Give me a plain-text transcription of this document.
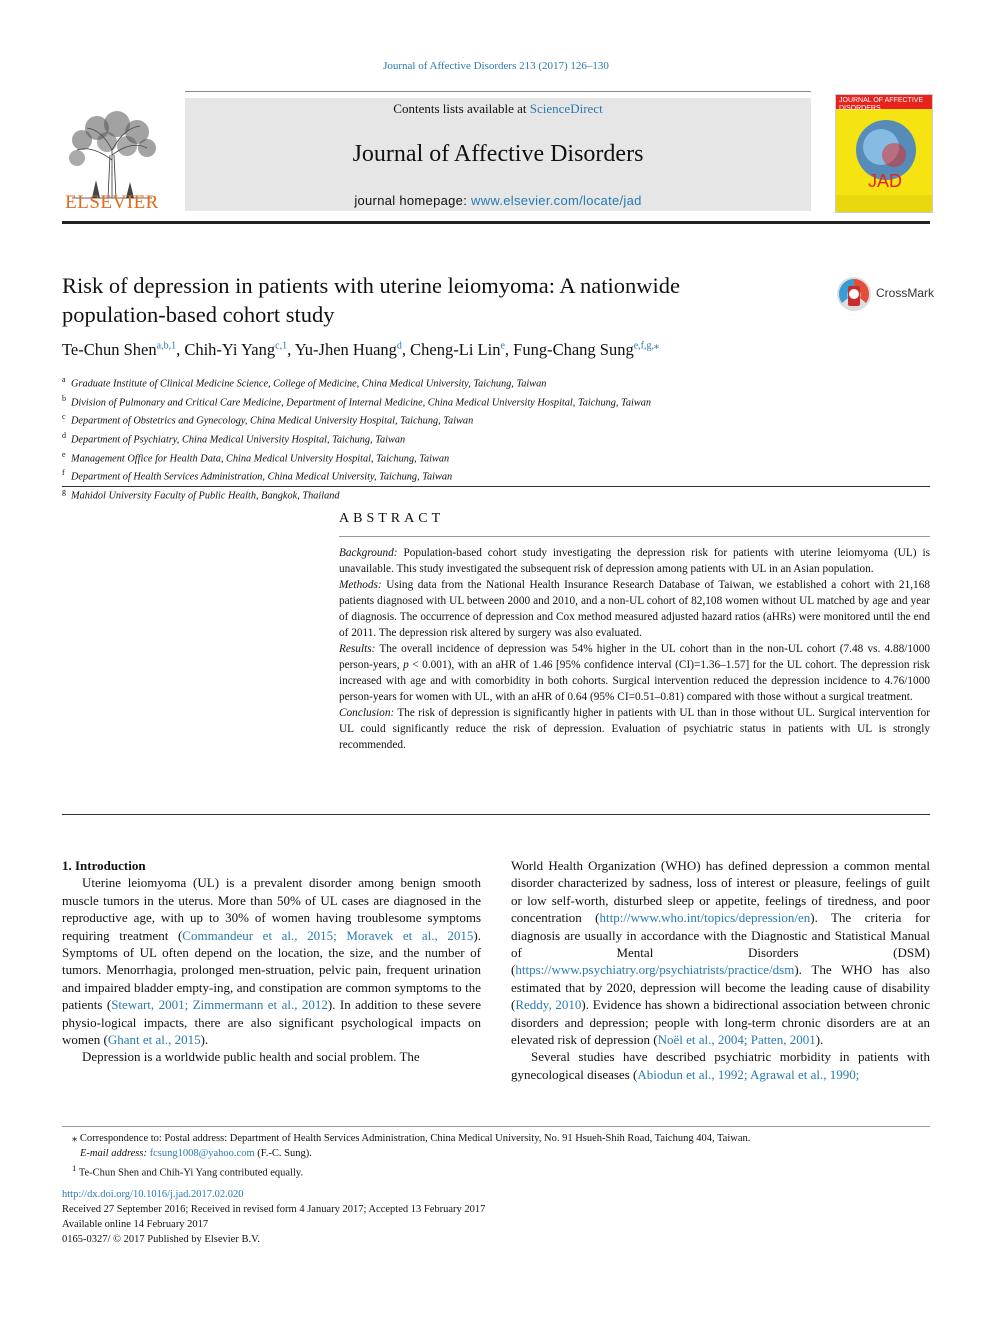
Journal of Affective Disorders 213 (2017) 126–130
ELSEVIER
Contents lists available at ScienceDirect
Journal of Affective Disorders
journal homepage: www.elsevier.com/locate/jad
JOURNAL OF AFFECTIVE DISORDERS
JAD
Risk of depression in patients with uterine leiomyoma: A nationwide
population-based cohort study
CrossMark
Te-Chun Shen$^{a,b,1}$, Chih-Yi Yang$^{c,1}$, Yu-Jhen Huang$^d$, Cheng-Li Lin$^e$, Fung-Chang Sung$^{e,f,g,⁎}$
$^a$ Graduate Institute of Clinical Medicine Science, College of Medicine, China Medical University, Taichung, Taiwan
$^b$ Division of Pulmonary and Critical Care Medicine, Department of Internal Medicine, China Medical University Hospital, Taichung, Taiwan
$^c$ Department of Obstetrics and Gynecology, China Medical University Hospital, Taichung, Taiwan
$^d$ Department of Psychiatry, China Medical University Hospital, Taichung, Taiwan
$^e$ Management Office for Health Data, China Medical University Hospital, Taichung, Taiwan
$^f$ Department of Health Services Administration, China Medical University, Taichung, Taiwan
$^g$ Mahidol University Faculty of Public Health, Bangkok, Thailand
ABSTRACT

Background: Population-based cohort study investigating the depression risk for patients with uterine leiomyoma (UL) is unavailable. This study investigated the subsequent risk of depression among patients with UL in an Asian population.

Methods: Using data from the National Health Insurance Research Database of Taiwan, we established a cohort with 21,168 patients diagnosed with UL between 2000 and 2010, and a non-UL cohort of 82,108 women without UL matched by age and year of diagnosis. The occurrence of depression and Cox method measured adjusted hazard ratios (aHRs) were monitored until the end of 2011. The depression risk altered by surgery was also evaluated.

Results: The overall incidence of depression was 54% higher in the UL cohort than in the non-UL cohort (7.48 vs. 4.88/1000 person-years, p < 0.001), with an aHR of 1.46 [95% confidence interval (CI)=1.36–1.57] for the UL cohort. The depression risk increased with age and with comorbidity in both cohorts. Surgical intervention reduced the depression incidence to 4.76/1000 person-years for women with UL, with an aHR of 0.64 (95% CI=0.51–0.81) compared with those without a surgical treatment.

Conclusion: The risk of depression is significantly higher in patients with UL than in those without UL. Surgical intervention for UL could significantly reduce the risk of depression. Evaluation of psychiatric status in patients with UL is strongly recommended.

1. Introduction

Uterine leiomyoma (UL) is a prevalent disorder among benign smooth muscle tumors in the uterus. More than 50% of UL cases are diagnosed in the reproductive age, with up to 30% of women having troublesome symptoms requiring treatment (Commandeur et al., 2015; Moravek et al., 2015). Symptoms of UL often depend on the location, the size, and the number of tumors. Menorrhagia, prolonged men-struation, pelvic pain, frequent urination and impaired bladder empty-ing, and constipation are common symptoms to the patients (Stewart, 2001; Zimmermann et al., 2012). In addition to these severe physio-logical impacts, there are also significant psychological impacts on women (Ghant et al., 2015).

Depression is a worldwide public health and social problem. The

World Health Organization (WHO) has defined depression a common mental disorder characterized by sadness, loss of interest or pleasure, feelings of guilt or low self-worth, disturbed sleep or appetite, feelings of tiredness, and poor concentration (http://www.who.int/topics/depression/en). The criteria for diagnosis are usually in accordance with the Diagnostic and Statistical Manual of Mental Disorders (DSM) (https://www.psychiatry.org/psychiatrists/practice/dsm). The WHO has also estimated that by 2020, depression will become the leading cause of disability (Reddy, 2010). Evidence has shown a bidirectional association between chronic disorders and depression; people with long-term chronic disorders are at an elevated risk of depression (Noël et al., 2004; Patten, 2001).

Several studies have described psychiatric morbidity in patients with gynecological diseases (Abiodun et al., 1992; Agrawal et al., 1990;

⁎ Correspondence to: Postal address: Department of Health Services Administration, China Medical University, No. 91 Hsueh-Shih Road, Taichung 404, Taiwan.
E-mail address: fcsung1008@yahoo.com (F.-C. Sung).
$^1$ Te-Chun Shen and Chih-Yi Yang contributed equally.
http://dx.doi.org/10.1016/j.jad.2017.02.020
Received 27 September 2016; Received in revised form 4 January 2017; Accepted 13 February 2017
Available online 14 February 2017
0165-0327/ © 2017 Published by Elsevier B.V.
